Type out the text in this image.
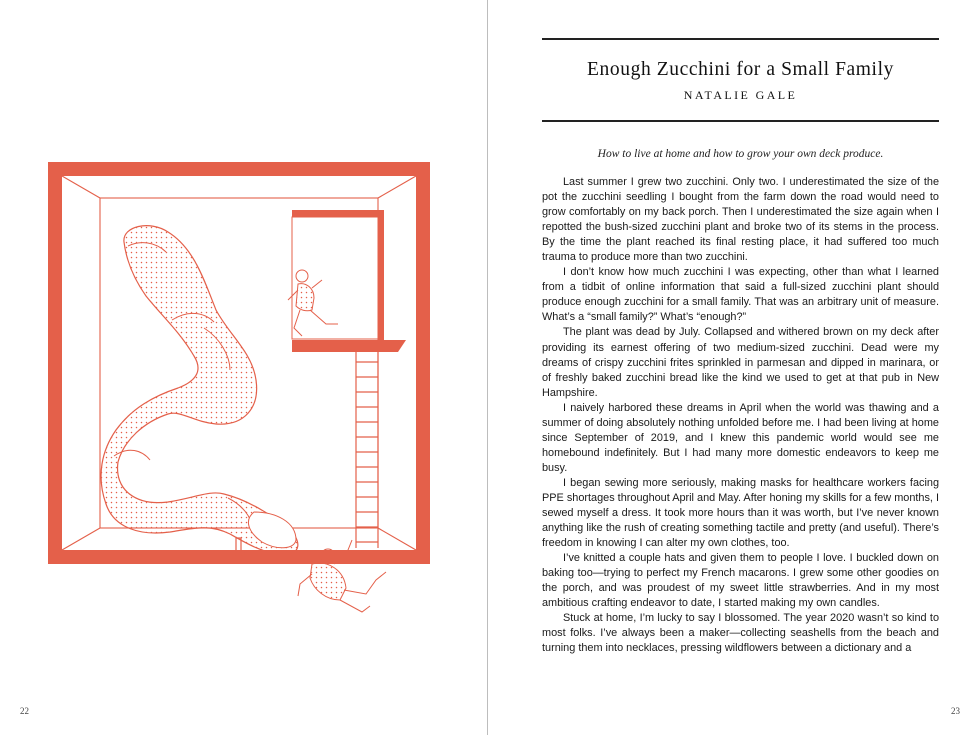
22
Enough Zucchini for a Small Family
NATALIE GALE
How to live at home and how to grow your own deck produce.

Last summer I grew two zucchini. Only two. I underestimated the size of the pot the zucchini seedling I bought from the farm down the road would need to grow comfortably on my back porch. Then I underestimated the size again when I repotted the bush-sized zucchini plant and broke two of its stems in the process. By the time the plant reached its final resting place, it had suffered too much trauma to produce more than two zucchini.

I don’t know how much zucchini I was expecting, other than what I learned from a tidbit of online information that said a full-sized zucchini plant should produce enough zucchini for a small family. That was an arbitrary unit of measure. What’s a “small family?” What’s “enough?”

The plant was dead by July. Collapsed and withered brown on my deck after providing its earnest offering of two medium-sized zucchini. Dead were my dreams of crispy zucchini frites sprinkled in parmesan and dipped in marinara, or of freshly baked zucchini bread like the kind we used to get at that pub in New Hampshire.

I naively harbored these dreams in April when the world was thawing and a summer of doing absolutely nothing unfolded before me. I had been living at home since September of 2019, and I knew this pandemic world would see me homebound indefinitely. But I had many more domestic endeavors to keep me busy.

I began sewing more seriously, making masks for healthcare workers facing PPE shortages throughout April and May. After honing my skills for a few months, I sewed myself a dress. It took more hours than it was worth, but I’ve never known anything like the rush of creating something tactile and pretty (and useful). There’s freedom in knowing I can alter my own clothes, too.

I’ve knitted a couple hats and given them to people I love. I buckled down on baking too—trying to perfect my French macarons. I grew some other goodies on the porch, and was proudest of my sweet little strawberries. And in my most ambitious crafting endeavor to date, I started making my own candles.

Stuck at home, I’m lucky to say I blossomed. The year 2020 wasn’t so kind to most folks. I’ve always been a maker—collecting seashells from the beach and turning them into necklaces, pressing wildflowers between a dictionary and a

23
